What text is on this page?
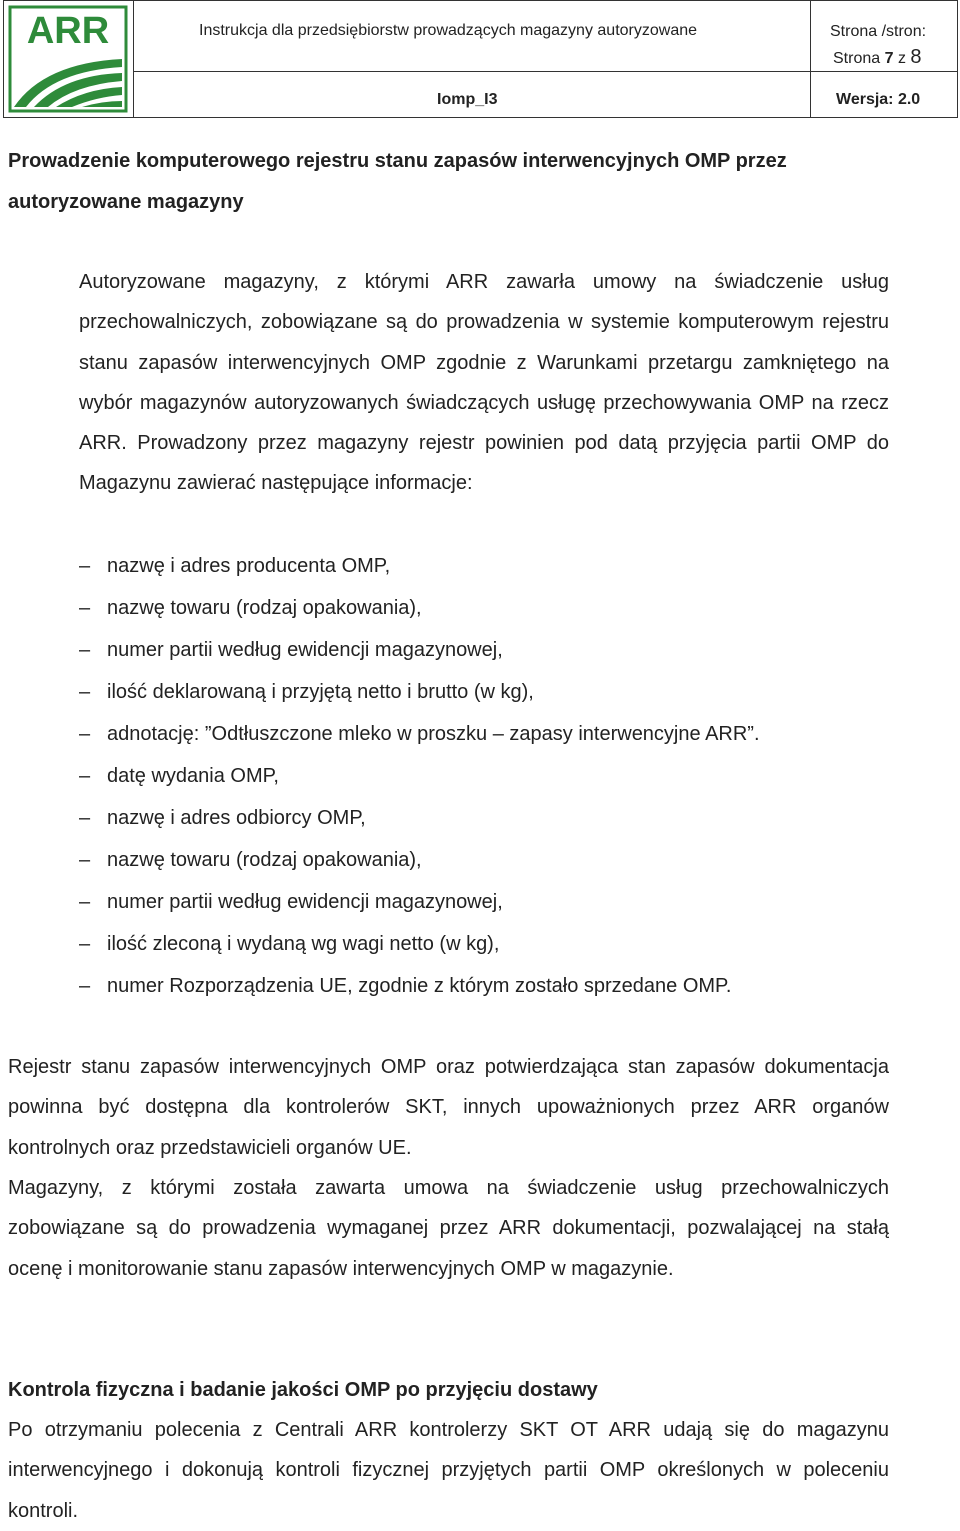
ARR	Instrukcja dla przedsiębiorstw prowadzących magazyny autoryzowane	Strona /stron:
Strona 7 z 8
Iomp_I3	Wersja: 2.0
Prowadzenie komputerowego rejestru stanu zapasów interwencyjnych OMP przez autoryzowane magazyny
Autoryzowane magazyny, z którymi ARR zawarła umowy na świadczenie usług przechowalniczych, zobowiązane są do prowadzenia w systemie komputerowym rejestru stanu zapasów interwencyjnych OMP zgodnie z Warunkami przetargu zamkniętego na wybór magazynów autoryzowanych świadczących usługę przechowywania OMP na rzecz ARR. Prowadzony przez magazyny rejestr powinien pod datą przyjęcia partii OMP do Magazynu zawierać następujące informacje:
– nazwę i adres producenta OMP,
– nazwę towaru (rodzaj opakowania),
– numer partii według ewidencji magazynowej,
– ilość deklarowaną i przyjętą netto i brutto (w kg),
– adnotację: ”Odtłuszczone mleko w proszku – zapasy interwencyjne ARR”.
– datę wydania OMP,
– nazwę i adres odbiorcy OMP,
– nazwę towaru (rodzaj opakowania),
– numer partii według ewidencji magazynowej,
– ilość zleconą i wydaną wg wagi netto (w kg),
– numer Rozporządzenia UE, zgodnie z którym zostało sprzedane OMP.
Rejestr stanu zapasów interwencyjnych OMP oraz potwierdzająca stan zapasów dokumentacja powinna być dostępna dla kontrolerów SKT, innych upoważnionych przez ARR organów kontrolnych oraz przedstawicieli organów UE.
Magazyny, z którymi została zawarta umowa na świadczenie usług przechowalniczych zobowiązane są do prowadzenia wymaganej przez ARR dokumentacji, pozwalającej na stałą ocenę i monitorowanie stanu zapasów interwencyjnych OMP w magazynie.
Kontrola fizyczna i badanie jakości OMP po przyjęciu dostawy
Po otrzymaniu polecenia z Centrali ARR kontrolerzy SKT OT ARR udają się do magazynu interwencyjnego i dokonują kontroli fizycznej przyjętych partii OMP określonych w poleceniu kontroli.
